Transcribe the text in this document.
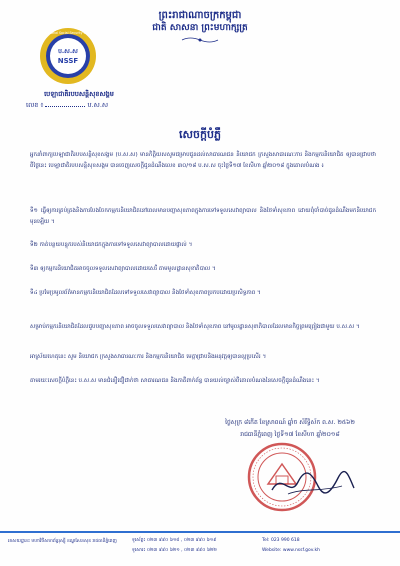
ព្រះរាជាណាចក្រកម្ពុជា
ជាតិ សាសនា ព្រះមហាក្សត្រ
ប.ស.ស
NSSF
National Social Security Fund
បេឡាជាតិរបបសន្តិសុខសង្គម
លេខ ៖	ប.ស.ស
សេចក្តីបំភ្លឺ
អ្នកនាំពាក្យបេឡាជាតិរបបសន្តិសុខសង្គម (ប.ស.ស) មានកិត្តិយសសូមជម្រាបជូនដល់សាធារណជន និយោជក ក្រសួងសាធារណៈការ និងកម្មករនិយោជិត ឲ្យបានជ្រាបថា ពីថ្ងៃនេះ បេឡាជាតិរបបសន្តិសុខសង្គម បានចេញសេចក្តីជូនដំណឹងលេខ ៣០/១៨ ប.ស.ស ចុះថ្ងៃទី១៧ ខែសីហា ឆ្នាំ២០១៨ ក្នុងគោលបំណង ៖
ទី១ ធ្វើឲ្យការគ្រប់គ្រងនិងការបែងចែកកម្មករនិយោជិតនៅពេលមានបញ្ហាសុខភាពក្នុងការទៅទទួលសេវាព្យាបាល និងថែទាំសុខភាព ដោយពុំចាំបាច់ជូនដំណឹងមកនិយោជកមុនឡើយ ។
ទី២ កាត់បន្ថយបន្ទុករបស់និយោជកក្នុងការទៅទទួលសេវាព្យាបាលដោយផ្ទាល់ ។
ទី៣ ឲ្យកម្មករនិយោជិតអាចចូលទទួលសេវាព្យាបាលដោយសេរី តាមមូលដ្ឋានសុខាភិបាល ។
ទី៤ ប្រមែប្រមូលព័ត៌មានកម្មករនិយោជិតដែលទៅទទួលសេវាព្យាបាល និងថែទាំសុខភាពប្រកបដោយប្រសិទ្ធភាព ។
សម្រាប់កម្មករនិយោជិតដែលជួបបញ្ហាសុខភាព អាចចូលទទួលសេវាព្យាបាល និងថែទាំសុខភាព នៅមូលដ្ឋានសុខាភិបាលដែលមានកិច្ចព្រមព្រៀងជាមួយ ប.ស.ស ។
អាស្រ័យហេតុនេះ សូម និយោជក ក្រសួងសាធារណៈការ និងកម្មករនិយោជិត មេត្តាជ្រាបនិងអនុវត្តឲ្យបានល្អប្រសើរ ។
តាមរយៈសេចក្តីបំភ្លឺនេះ ប.ស.ស មានជំនឿជឿជាក់ថា សាធារណជន និងភាគីពាក់ព័ន្ធ បានយល់ច្បាស់ពីគោលបំណងនៃសេចក្តីជូនដំណឹងនេះ ។
ថ្ងៃសុក្រ ៨កើត ខែស្រាពណ៍ ឆ្នាំច សំរឹទ្ធិស័ក ព.ស. ២៥៦២
រាជធានីភ្នំពេញ ថ្ងៃទី១៧ ខែសីហា ឆ្នាំ២០១៨
អាសយដ្ឋាន៖ មហាវិថីសហព័ន្ធរុស្ស៊ី ខណ្ឌសែនសុខ រាជធានីភ្នំពេញ	ទូរស័ព្ទ៖ ០២៣ ៩៩០ ៦១៨ , ០២៣ ៩៩០ ៦១៩
ទូរសារ៖ ០២៣ ៩៩០ ៦២១ , ០២៣ ៩៩០ ៦២២
Tel: 023 990 618
Website: www.nssf.gov.kh
